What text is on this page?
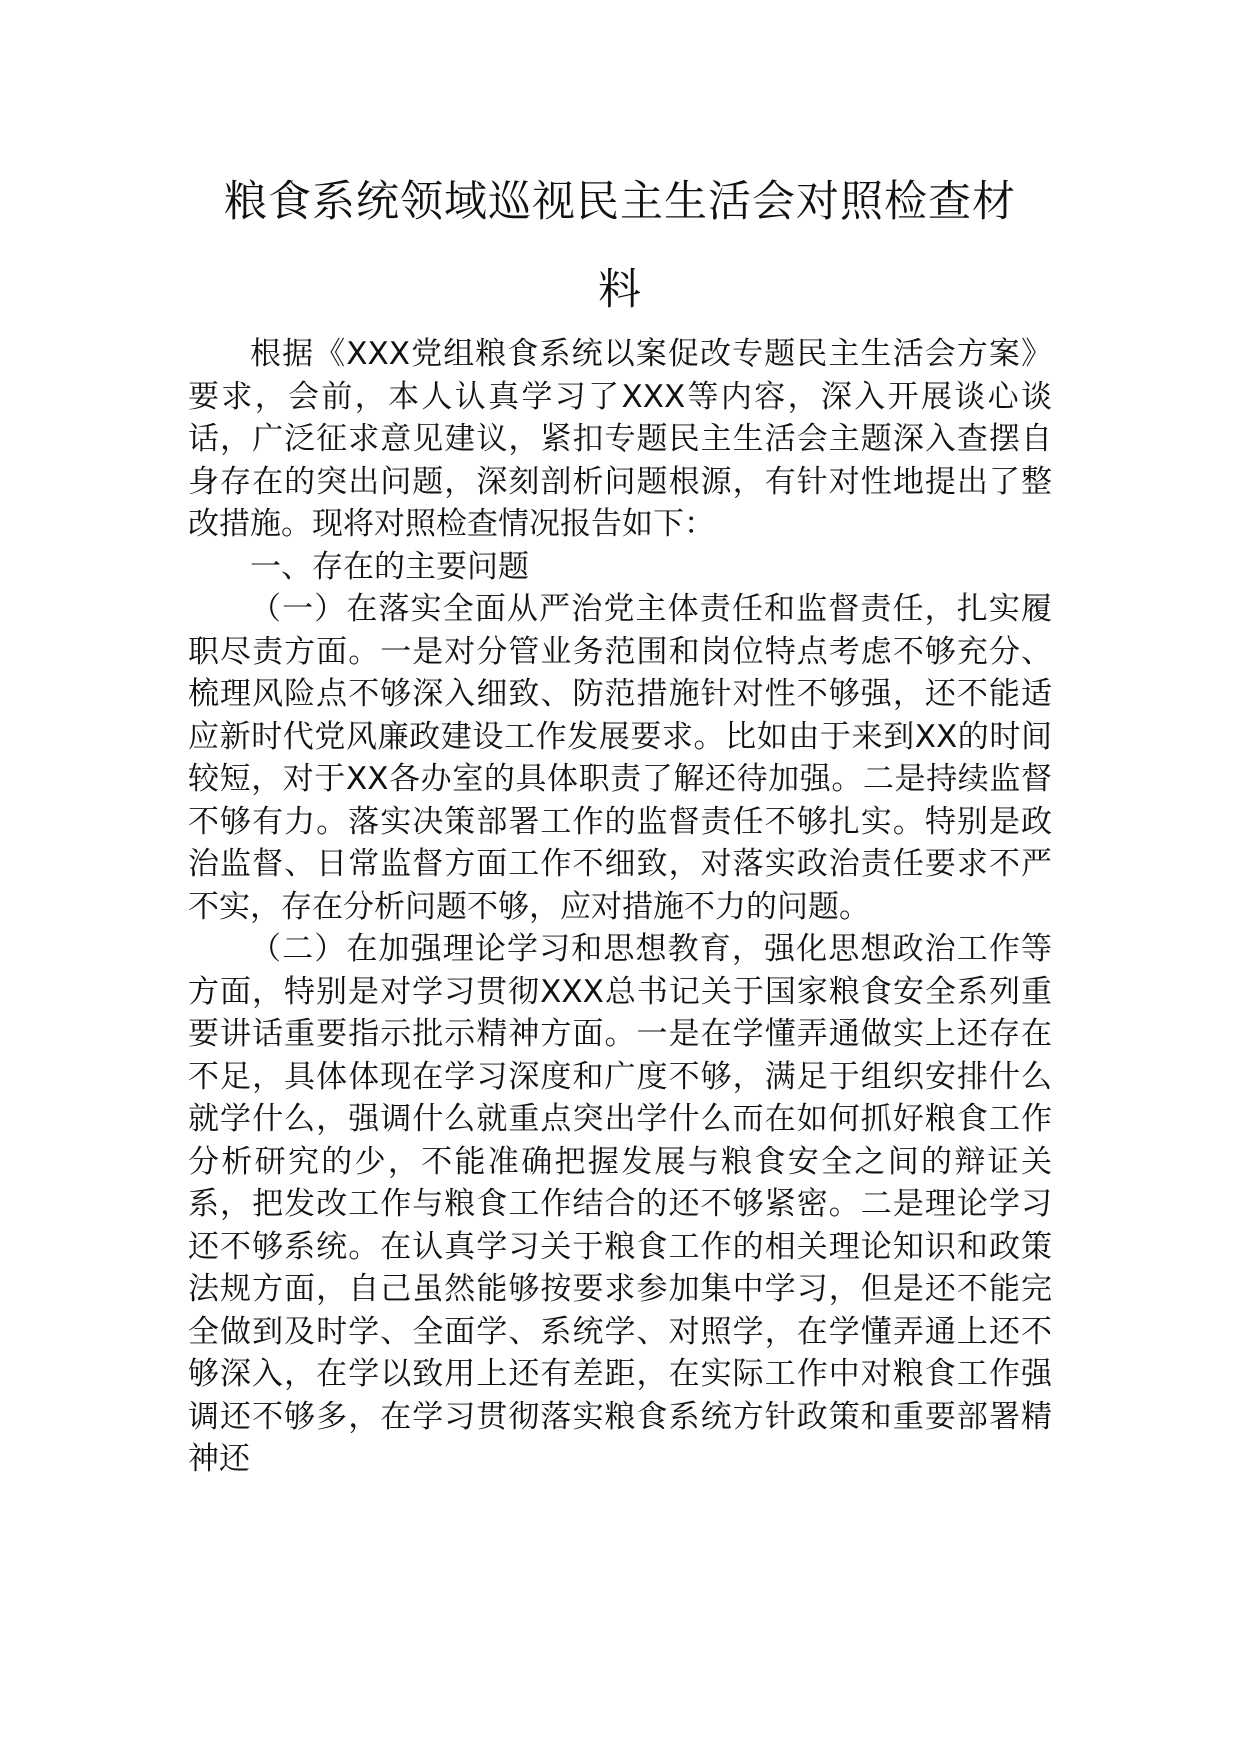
粮食系统领域巡视民主生活会对照检查材
料

根据《XXX党组粮食系统以案促改专题民主生活会方案》要求，会前，本人认真学习了XXX等内容，深入开展谈心谈话，广泛征求意见建议，紧扣专题民主生活会主题深入查摆自身存在的突出问题，深刻剖析问题根源，有针对性地提出了整改措施。现将对照检查情况报告如下：

一、存在的主要问题

（一）在落实全面从严治党主体责任和监督责任，扎实履职尽责方面。一是对分管业务范围和岗位特点考虑不够充分、梳理风险点不够深入细致、防范措施针对性不够强，还不能适应新时代党风廉政建设工作发展要求。比如由于来到XX的时间较短，对于XX各办室的具体职责了解还待加强。二是持续监督不够有力。落实决策部署工作的监督责任不够扎实。特别是政治监督、日常监督方面工作不细致，对落实政治责任要求不严不实，存在分析问题不够，应对措施不力的问题。

（二）在加强理论学习和思想教育，强化思想政治工作等方面，特别是对学习贯彻XXX总书记关于国家粮食安全系列重要讲话重要指示批示精神方面。一是在学懂弄通做实上还存在不足，具体体现在学习深度和广度不够，满足于组织安排什么就学什么，强调什么就重点突出学什么而在如何抓好粮食工作分析研究的少，不能准确把握发展与粮食安全之间的辩证关系，把发改工作与粮食工作结合的还不够紧密。二是理论学习还不够系统。在认真学习关于粮食工作的相关理论知识和政策法规方面，自己虽然能够按要求参加集中学习，但是还不能完全做到及时学、全面学、系统学、对照学，在学懂弄通上还不够深入，在学以致用上还有差距，在实际工作中对粮食工作强调还不够多，在学习贯彻落实粮食系统方针政策和重要部署精神还
